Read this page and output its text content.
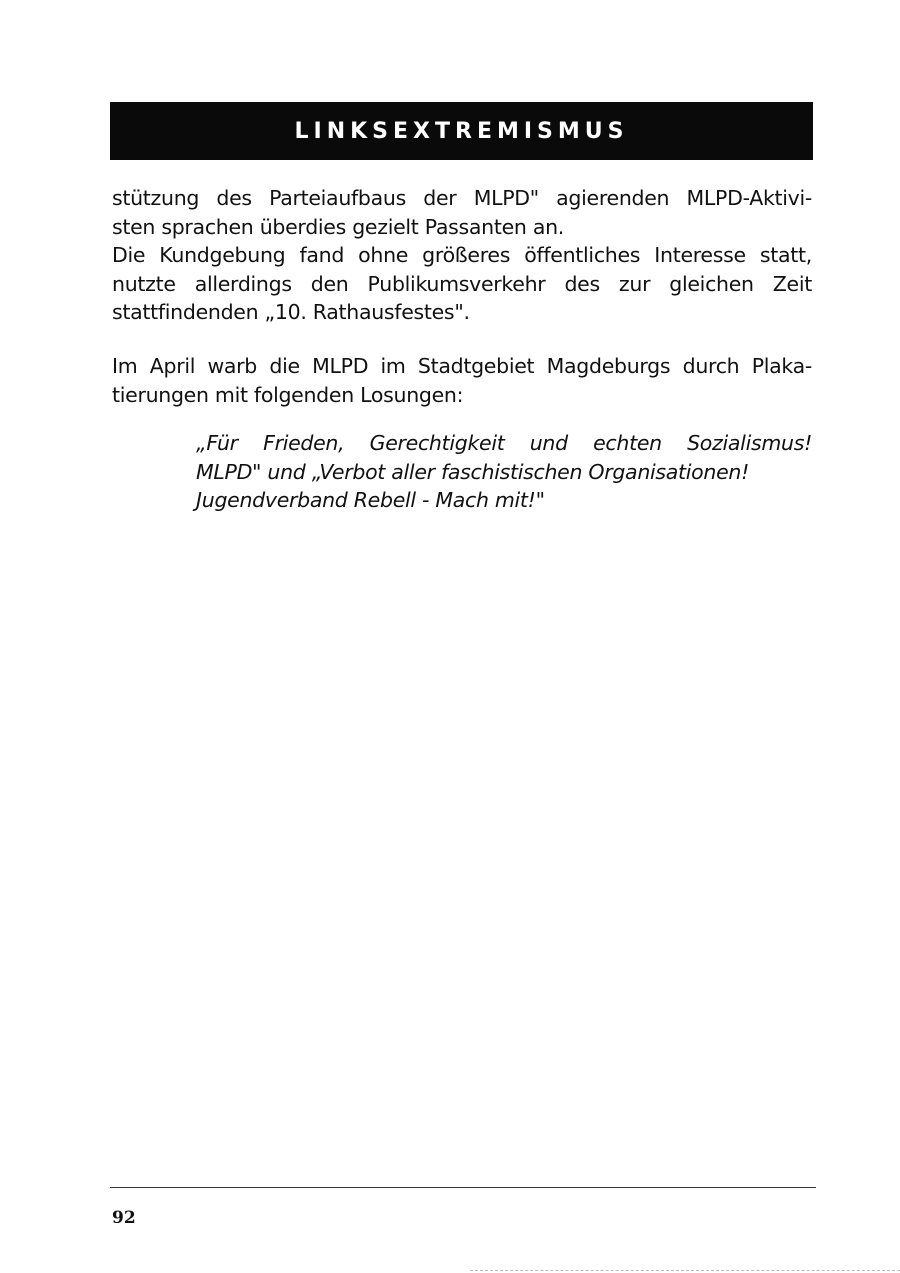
LINKSEXTREMISMUS
stützung des Parteiaufbaus der MLPD" agierenden MLPD-Aktivi-
sten sprachen überdies gezielt Passanten an.
Die Kundgebung fand ohne größeres öffentliches Interesse statt,
nutzte allerdings den Publikumsverkehr des zur gleichen Zeit
stattfindenden „10. Rathausfestes".
Im April warb die MLPD im Stadtgebiet Magdeburgs durch Plaka-
tierungen mit folgenden Losungen:
„Für Frieden, Gerechtigkeit und echten Sozialismus!
MLPD" und „Verbot aller faschistischen Organisationen!
Jugendverband Rebell - Mach mit!"
92
